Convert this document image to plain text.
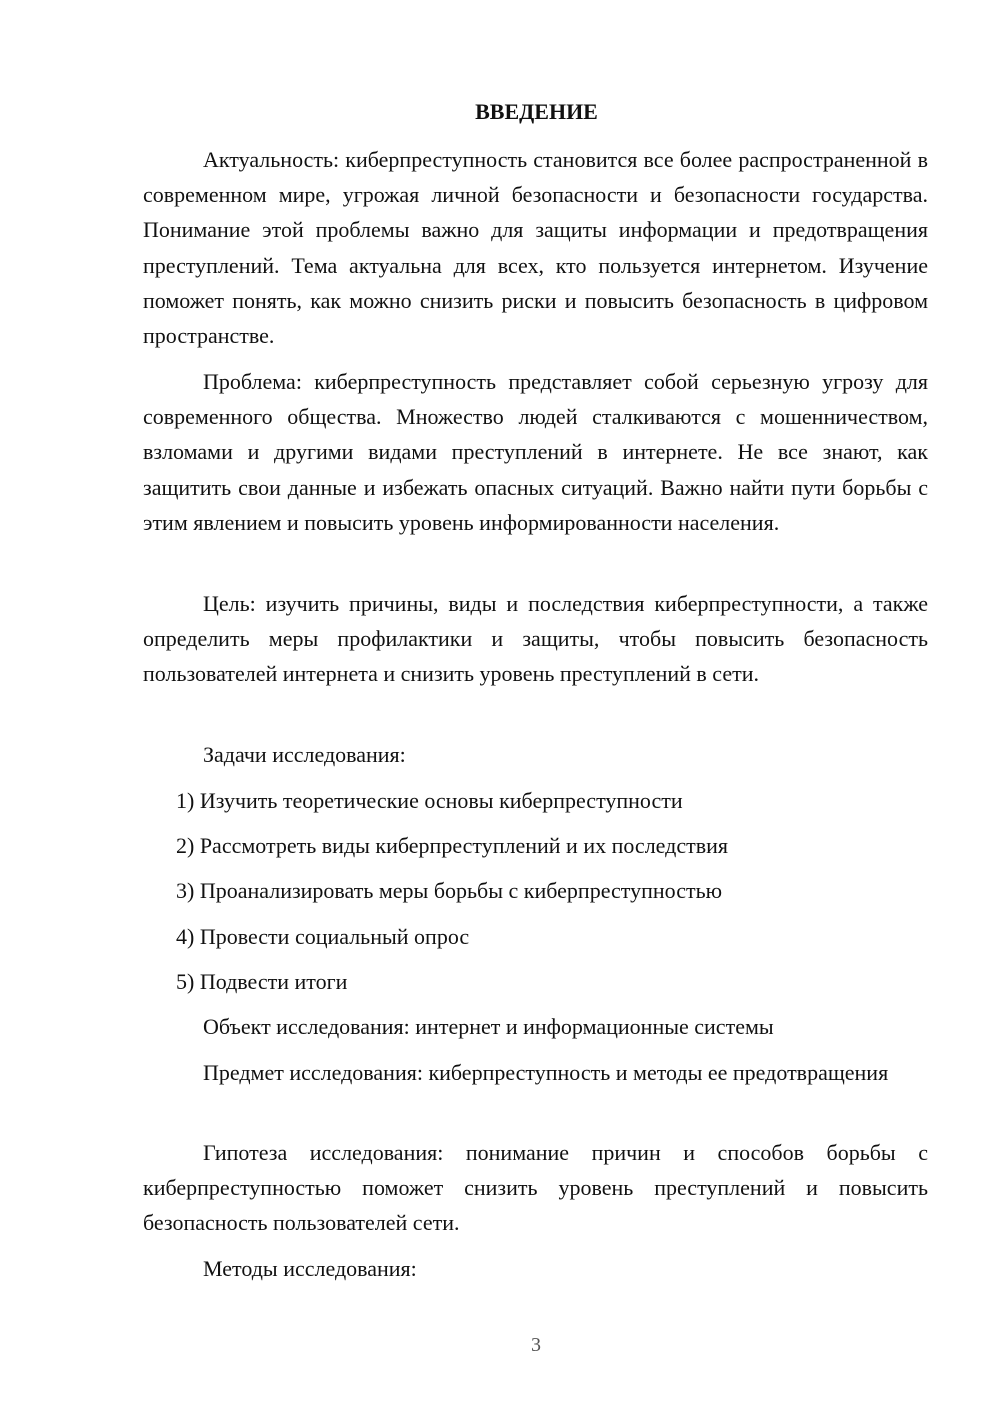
ВВЕДЕНИЕ

Актуальность: киберпреступность становится все более распространенной в современном мире, угрожая личной безопасности и безопасности государства. Понимание этой проблемы важно для защиты информации и предотвращения преступлений. Тема актуальна для всех, кто пользуется интернетом. Изучение поможет понять, как можно снизить риски и повысить безопасность в цифровом пространстве.

Проблема: киберпреступность представляет собой серьезную угрозу для современного общества. Множество людей сталкиваются с мошенничеством, взломами и другими видами преступлений в интернете. Не все знают, как защитить свои данные и избежать опасных ситуаций. Важно найти пути борьбы с этим явлением и повысить уровень информированности населения.

Цель: изучить причины, виды и последствия киберпреступности, а также определить меры профилактики и защиты, чтобы повысить безопасность пользователей интернета и снизить уровень преступлений в сети.

Задачи исследования:

1) Изучить теоретические основы киберпреступности

2) Рассмотреть виды киберпреступлений и их последствия

3) Проанализировать меры борьбы с киберпреступностью

4) Провести социальный опрос

5) Подвести итоги

Объект исследования: интернет и информационные системы

Предмет исследования: киберпреступность и методы ее предотвращения

Гипотеза исследования: понимание причин и способов борьбы с киберпреступностью поможет снизить уровень преступлений и повысить безопасность пользователей сети.

Методы исследования:

3
